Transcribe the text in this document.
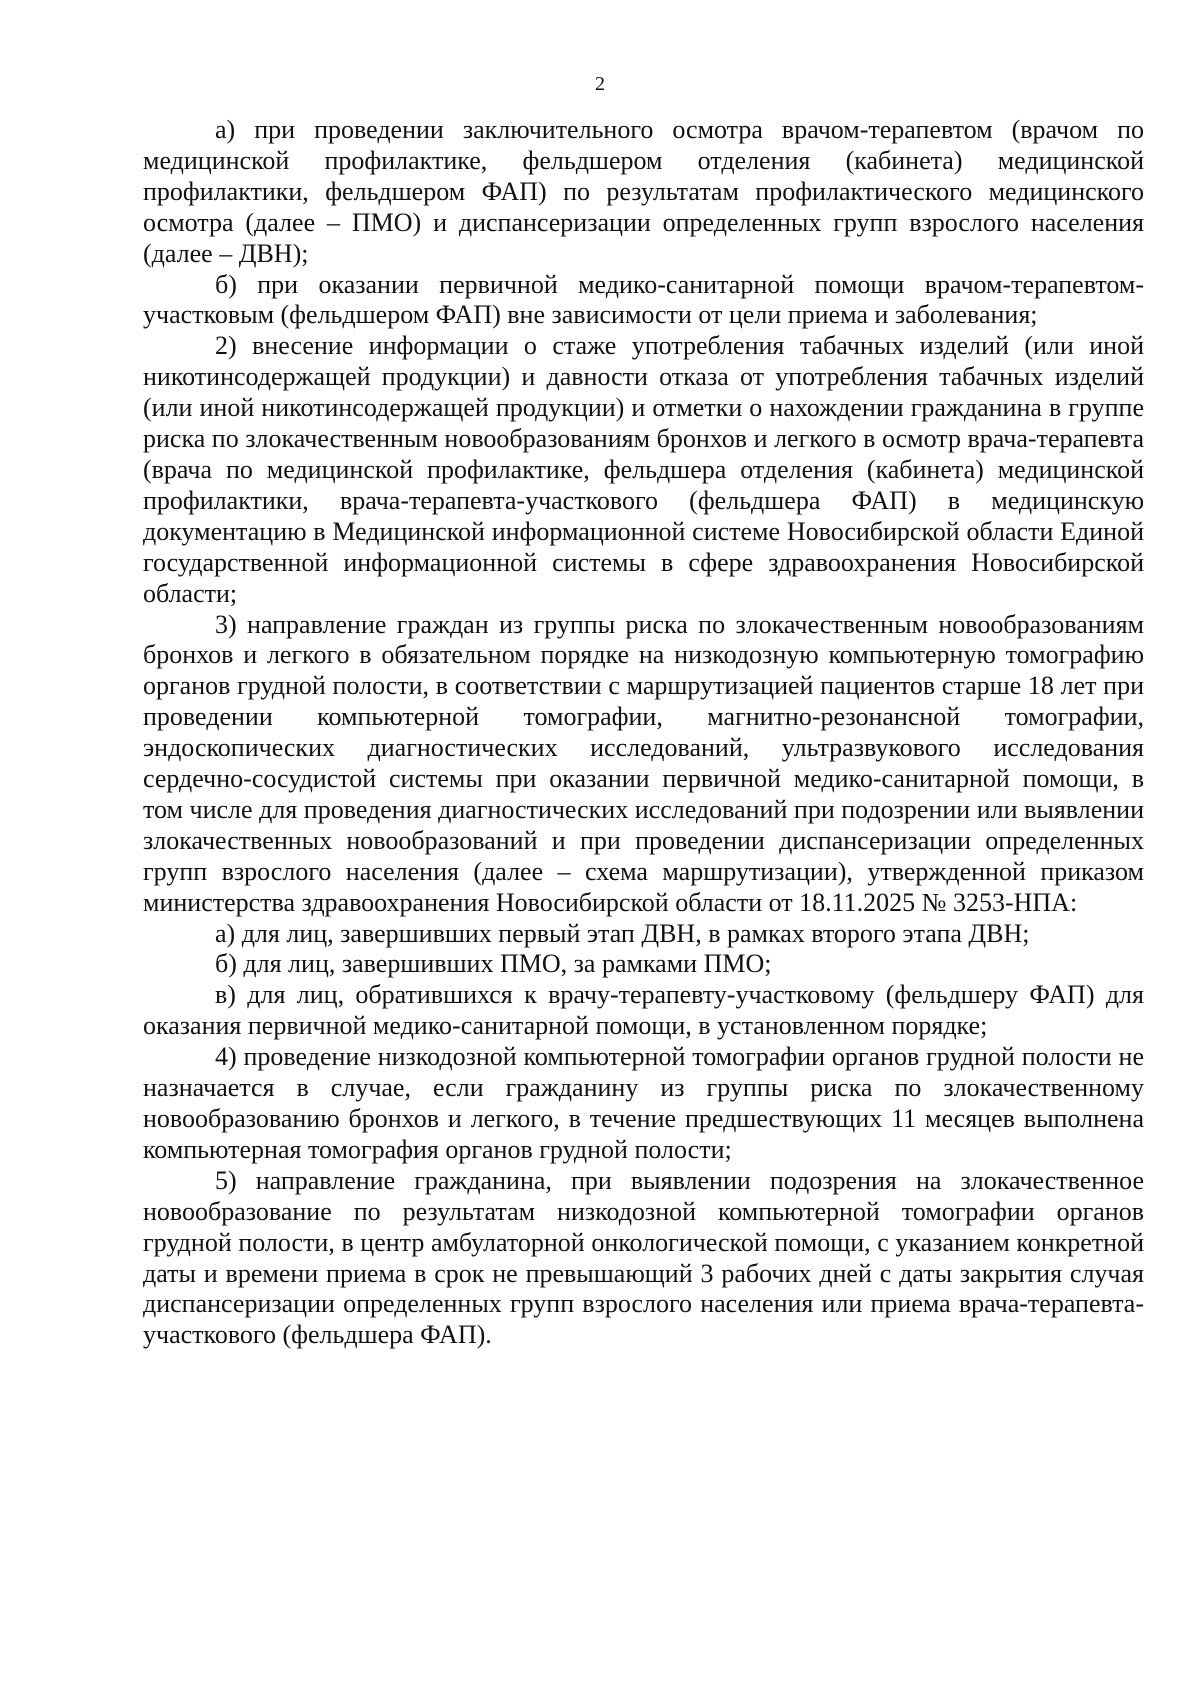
2

а) при проведении заключительного осмотра врачом-терапевтом (врачом по медицинской профилактике, фельдшером отделения (кабинета) медицинской профилактики, фельдшером ФАП) по результатам профилактического медицинского осмотра (далее – ПМО) и диспансеризации определенных групп взрослого населения (далее – ДВН);

б) при оказании первичной медико-санитарной помощи врачом-терапевтом-участковым (фельдшером ФАП) вне зависимости от цели приема и заболевания;

2) внесение информации о стаже употребления табачных изделий (или иной никотинсодержащей продукции) и давности отказа от употребления табачных изделий (или иной никотинсодержащей продукции) и отметки о нахождении гражданина в группе риска по злокачественным новообразованиям бронхов и легкого в осмотр врача-терапевта (врача по медицинской профилактике, фельдшера отделения (кабинета) медицинской профилактики, врача-терапевта-участкового (фельдшера ФАП) в медицинскую документацию в Медицинской информационной системе Новосибирской области Единой государственной информационной системы в сфере здравоохранения Новосибирской области;

3) направление граждан из группы риска по злокачественным новообразованиям бронхов и легкого в обязательном порядке на низкодозную компьютерную томографию органов грудной полости, в соответствии с маршрутизацией пациентов старше 18 лет при проведении компьютерной томографии, магнитно-резонансной томографии, эндоскопических диагностических исследований, ультразвукового исследования сердечно-сосудистой системы при оказании первичной медико-санитарной помощи, в том числе для проведения диагностических исследований при подозрении или выявлении злокачественных новообразований и при проведении диспансеризации определенных групп взрослого населения (далее – схема маршрутизации), утвержденной приказом министерства здравоохранения Новосибирской области от 18.11.2025 № 3253-НПА:

а) для лиц, завершивших первый этап ДВН, в рамках второго этапа ДВН;

б) для лиц, завершивших ПМО, за рамками ПМО;

в) для лиц, обратившихся к врачу-терапевту-участковому (фельдшеру ФАП) для оказания первичной медико-санитарной помощи, в установленном порядке;

4) проведение низкодозной компьютерной томографии органов грудной полости не назначается в случае, если гражданину из группы риска по злокачественному новообразованию бронхов и легкого, в течение предшествующих 11 месяцев выполнена компьютерная томография органов грудной полости;

5) направление гражданина, при выявлении подозрения на злокачественное новообразование по результатам низкодозной компьютерной томографии органов грудной полости, в центр амбулаторной онкологической помощи, с указанием конкретной даты и времени приема в срок не превышающий 3 рабочих дней с даты закрытия случая диспансеризации определенных групп взрослого населения или приема врача-терапевта-участкового (фельдшера ФАП).
